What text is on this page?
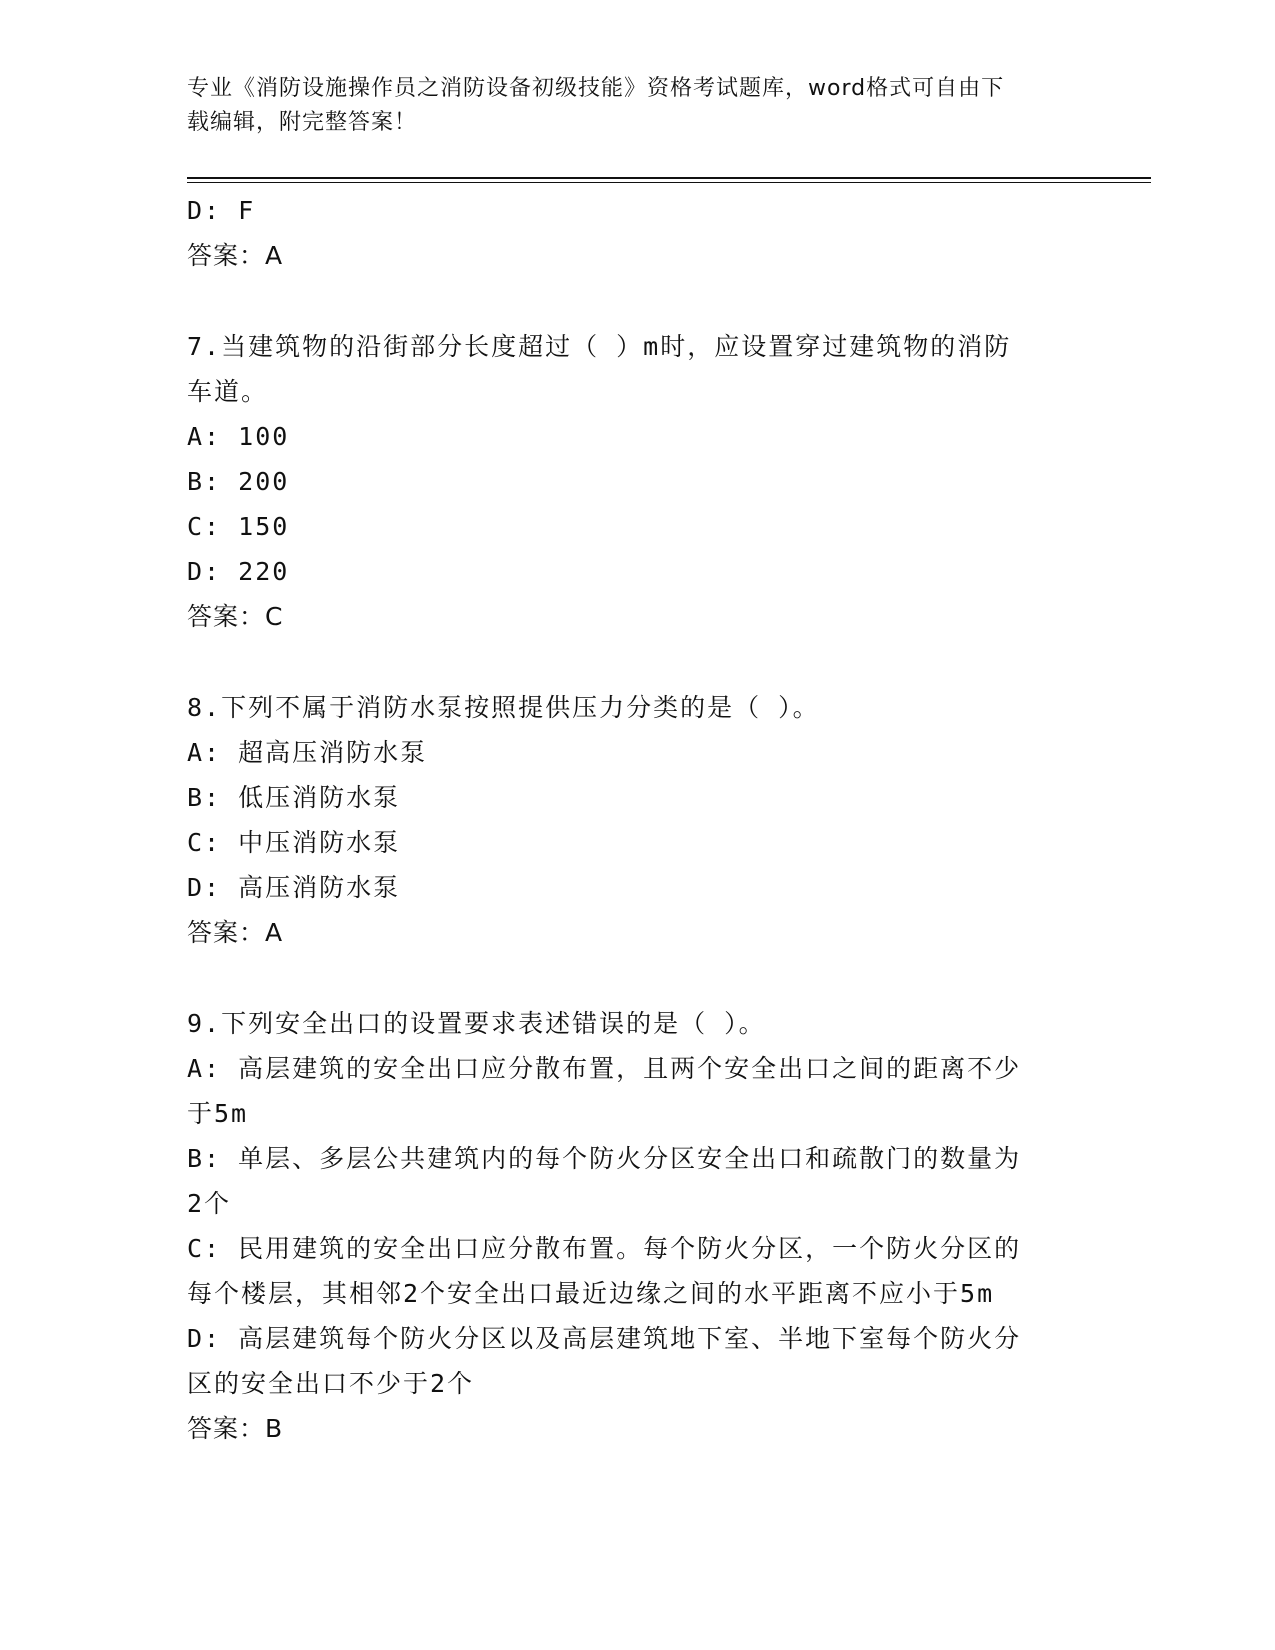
专业《消防设施操作员之消防设备初级技能》资格考试题库，word格式可自由下
载编辑，附完整答案！
D: F
答案：A
7.当建筑物的沿街部分长度超过（ ）m时，应设置穿过建筑物的消防
车道。
A: 100
B: 200
C: 150
D: 220
答案：C
8.下列不属于消防水泵按照提供压力分类的是（ ）。
A: 超高压消防水泵
B: 低压消防水泵
C: 中压消防水泵
D: 高压消防水泵
答案：A
9.下列安全出口的设置要求表述错误的是（ ）。
A: 高层建筑的安全出口应分散布置，且两个安全出口之间的距离不少
于5m
B: 单层、多层公共建筑内的每个防火分区安全出口和疏散门的数量为
2个
C: 民用建筑的安全出口应分散布置。每个防火分区，一个防火分区的
每个楼层，其相邻2个安全出口最近边缘之间的水平距离不应小于5m
D: 高层建筑每个防火分区以及高层建筑地下室、半地下室每个防火分
区的安全出口不少于2个
答案：B
